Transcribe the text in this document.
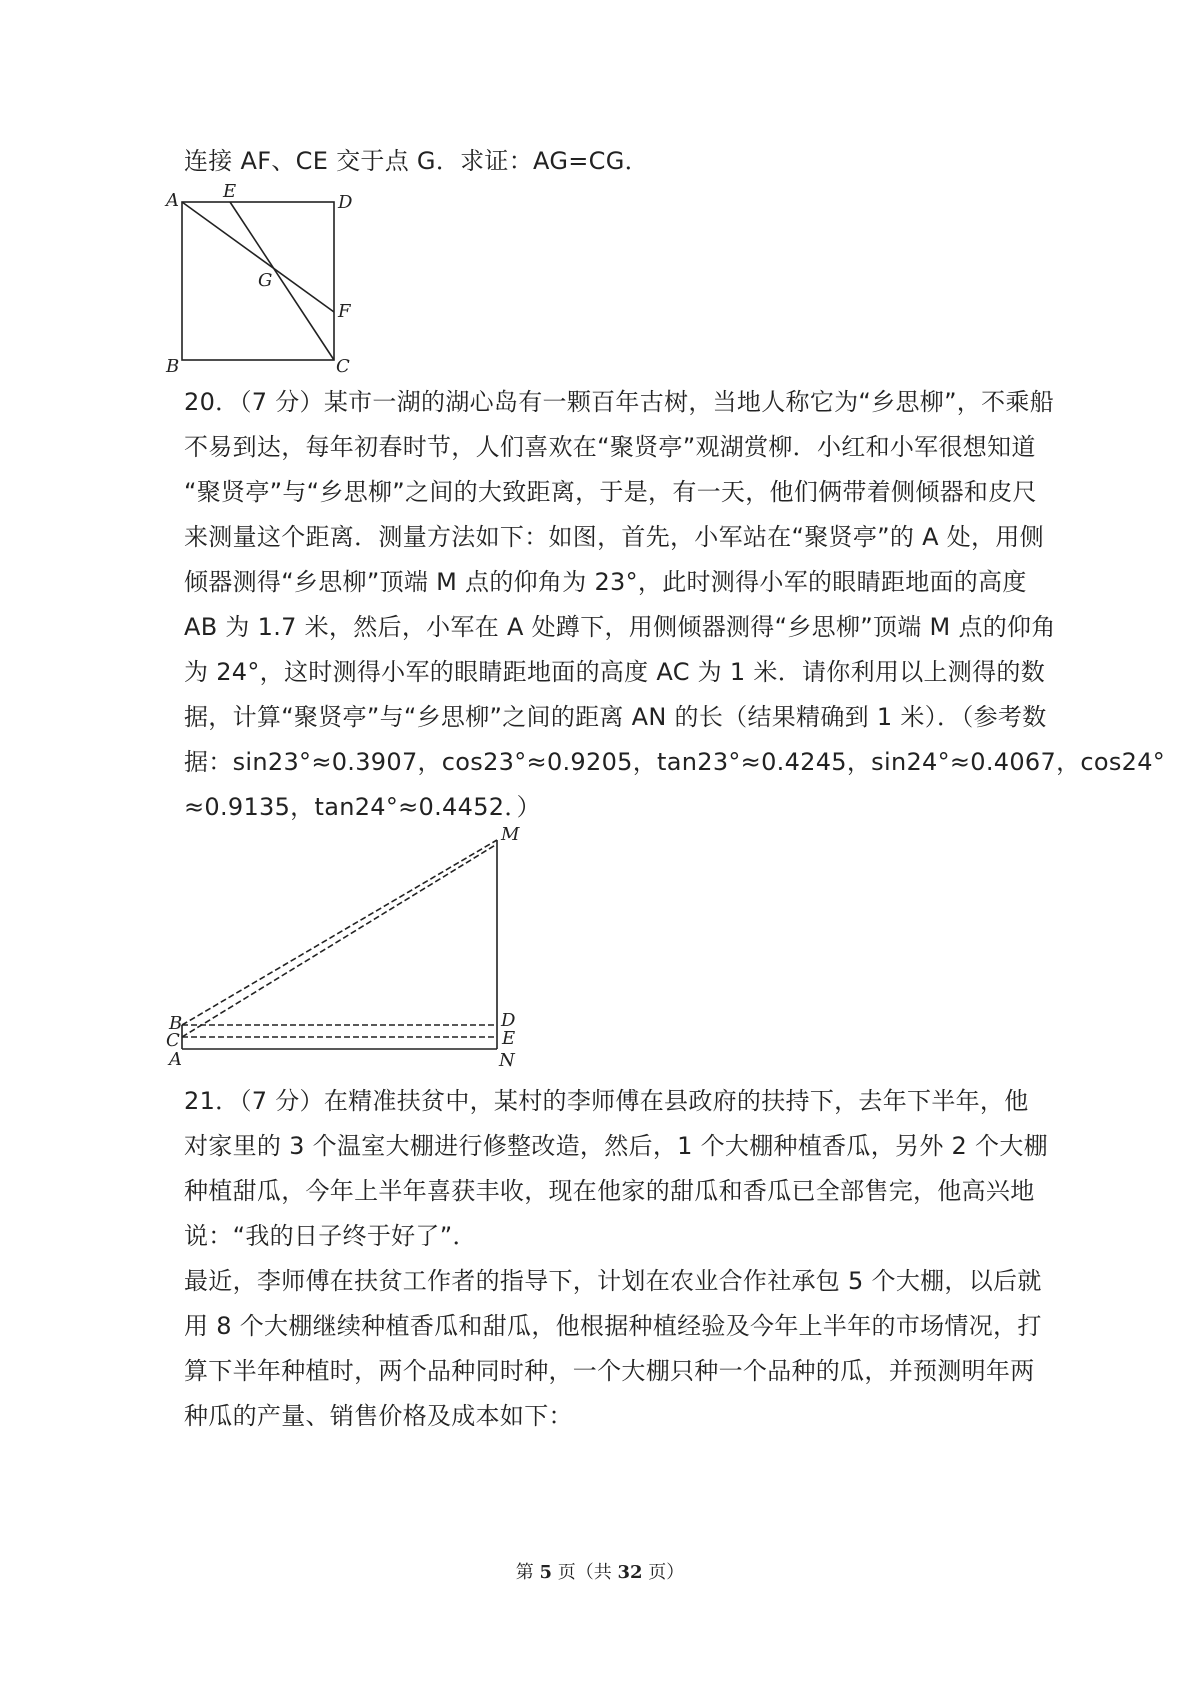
连接 AF、CE 交于点 G．求证：AG=CG．
A E
D
G
F
B	C
20．（7 分）某市一湖的湖心岛有一颗百年古树，当地人称它为“乡思柳”，不乘船
不易到达，每年初春时节，人们喜欢在“聚贤亭”观湖赏柳．小红和小军很想知道
“聚贤亭”与“乡思柳”之间的大致距离，于是，有一天，他们俩带着侧倾器和皮尺
来测量这个距离．测量方法如下：如图，首先，小军站在“聚贤亭”的 A 处，用侧
倾器测得“乡思柳”顶端 M 点的仰角为 23°，此时测得小军的眼睛距地面的高度
AB 为 1.7 米，然后，小军在 A 处蹲下，用侧倾器测得“乡思柳”顶端 M 点的仰角
为 24°，这时测得小军的眼睛距地面的高度 AC 为 1 米．请你利用以上测得的数
据，计算“聚贤亭”与“乡思柳”之间的距离 AN 的长（结果精确到 1 米）．（参考数
据：sin23°≈0.3907，cos23°≈0.9205，tan23°≈0.4245，sin24°≈0.4067，cos24°
≈0.9135，tan24°≈0.4452．）
M
B
C
A
D
E
N
21．（7 分）在精准扶贫中，某村的李师傅在县政府的扶持下，去年下半年，他
对家里的 3 个温室大棚进行修整改造，然后，1 个大棚种植香瓜，另外 2 个大棚
种植甜瓜，今年上半年喜获丰收，现在他家的甜瓜和香瓜已全部售完，他高兴地
说：“我的日子终于好了”．
最近，李师傅在扶贫工作者的指导下，计划在农业合作社承包 5 个大棚，以后就
用 8 个大棚继续种植香瓜和甜瓜，他根据种植经验及今年上半年的市场情况，打
算下半年种植时，两个品种同时种，一个大棚只种一个品种的瓜，并预测明年两
种瓜的产量、销售价格及成本如下：
第 5 页（共 32 页）
